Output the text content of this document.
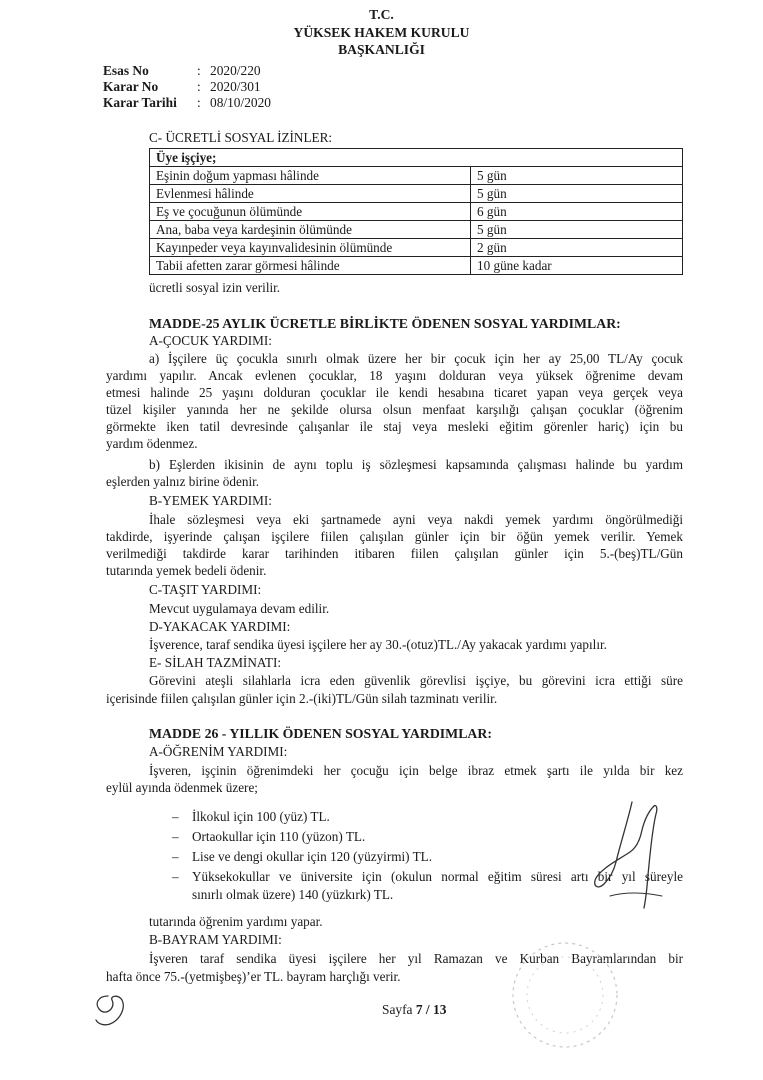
T.C.
YÜKSEK HAKEM KURULU
BAŞKANLIĞI
Esas No	: 2020/220
Karar No	: 2020/301
Karar Tarihi : 08/10/2020
C- ÜCRETLİ SOSYAL İZİNLER:
Üye işçiye;	
Eşinin doğum yapması hâlinde	5 gün
Evlenmesi hâlinde	5 gün
Eş ve çocuğunun ölümünde	6 gün
Ana, baba veya kardeşinin ölümünde	5 gün
Kayınpeder veya kayınvalidesinin ölümünde	2 gün
Tabii afetten zarar görmesi hâlinde	10 güne kadar
ücretli sosyal izin verilir.
MADDE-25 AYLIK ÜCRETLE BİRLİKTE ÖDENEN SOSYAL YARDIMLAR:
A-ÇOCUK YARDIMI:
a) İşçilere üç çocukla sınırlı olmak üzere her bir çocuk için her ay 25,00 TL/Ay çocuk
yardımı yapılır. Ancak evlenen çocuklar, 18 yaşını dolduran veya yüksek öğrenime devam
etmesi halinde 25 yaşını dolduran çocuklar ile kendi hesabına ticaret yapan veya gerçek veya
tüzel kişiler yanında her ne şekilde olursa olsun menfaat karşılığı çalışan çocuklar (öğrenim
görmekte iken tatil devresinde çalışanlar ile staj veya mesleki eğitim görenler hariç) için bu
yardım ödenmez.
b) Eşlerden ikisinin de aynı toplu iş sözleşmesi kapsamında çalışması halinde bu yardım
eşlerden yalnız birine ödenir.
B-YEMEK YARDIMI:
İhale sözleşmesi veya eki şartnamede ayni veya nakdi yemek yardımı öngörülmediği
takdirde, işyerinde çalışan işçilere fiilen çalışılan günler için bir öğün yemek verilir. Yemek
verilmediği takdirde karar tarihinden itibaren fiilen çalışılan günler için 5.-(beş)TL/Gün
tutarında yemek bedeli ödenir.
C-TAŞIT YARDIMI:
Mevcut uygulamaya devam edilir.
D-YAKACAK YARDIMI:
İşverence, taraf sendika üyesi işçilere her ay 30.-(otuz)TL./Ay yakacak yardımı yapılır.
E- SİLAH TAZMİNATI:
Görevini ateşli silahlarla icra eden güvenlik görevlisi işçiye, bu görevini icra ettiği süre
içerisinde fiilen çalışılan günler için 2.-(iki)TL/Gün silah tazminatı verilir.
MADDE 26 - YILLIK ÖDENEN SOSYAL YARDIMLAR:
A-ÖĞRENİM YARDIMI:
İşveren, işçinin öğrenimdeki her çocuğu için belge ibraz etmek şartı ile yılda bir kez
eylül ayında ödenmek üzere;
– İlkokul için 100 (yüz) TL.
– Ortaokullar için 110 (yüzon) TL.
– Lise ve dengi okullar için 120 (yüzyirmi) TL.
– Yüksekokullar ve üniversite için (okulun normal eğitim süresi artı bir yıl süreyle
sınırlı olmak üzere) 140 (yüzkırk) TL.
tutarında öğrenim yardımı yapar.
B-BAYRAM YARDIMI:
İşveren taraf sendika üyesi işçilere her yıl Ramazan ve Kurban Bayramlarından bir
hafta önce 75.-(yetmişbeş)’er TL. bayram harçlığı verir.
Sayfa 7 / 13
